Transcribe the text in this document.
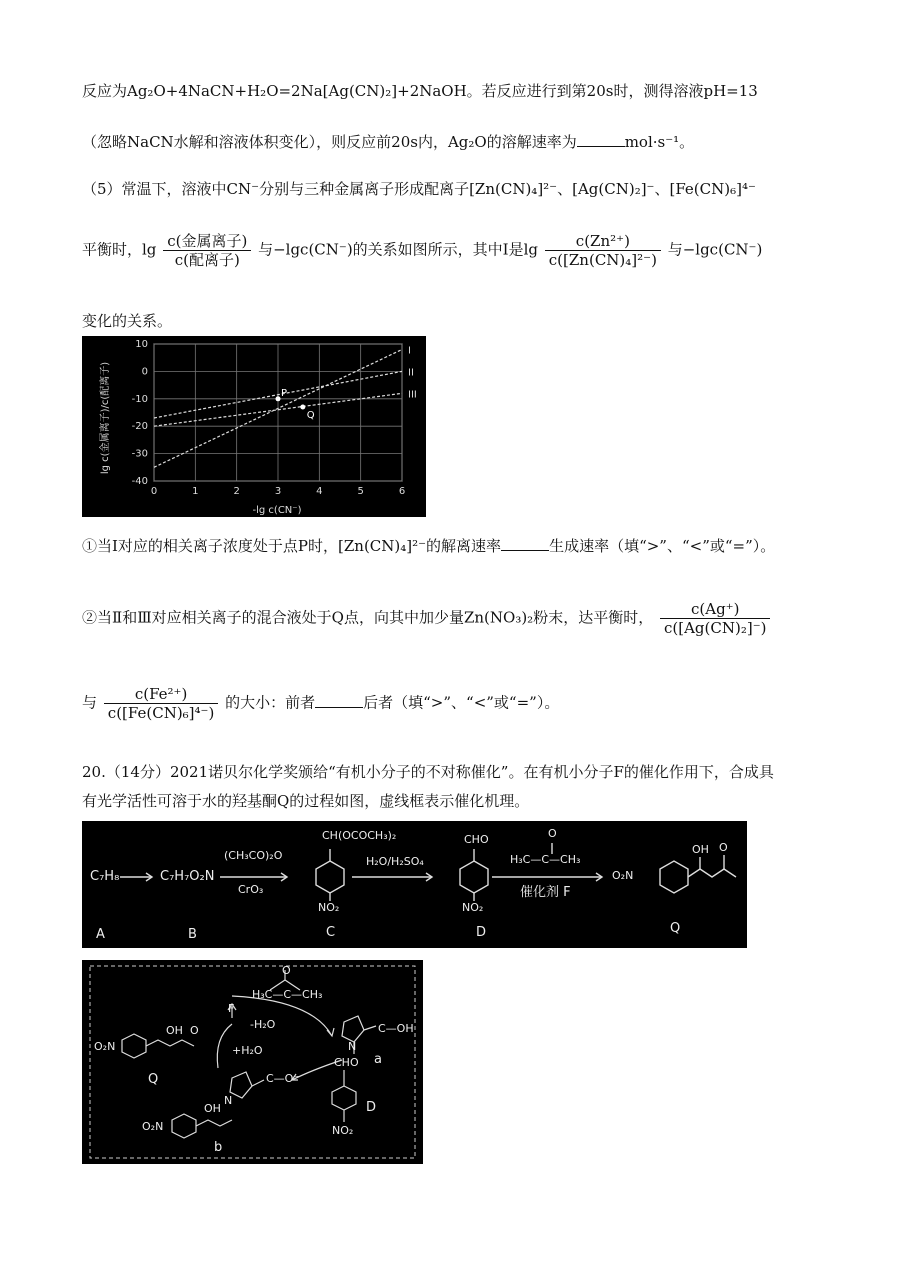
反应为Ag₂O+4NaCN+H₂O=2Na[Ag(CN)₂]+2NaOH。若反应进行到第20s时，测得溶液pH=13
（忽略NaCN水解和溶液体积变化），则反应前20s内，Ag₂O的溶解速率为	mol·s⁻¹。
（5）常温下，溶液中CN⁻分别与三种金属离子形成配离子[Zn(CN)₄]²⁻、[Ag(CN)₂]⁻、[Fe(CN)₆]⁴⁻
平衡时，$\lg \frac{\text{c(金属离子)}}{\text{c(配离子)}}$ 与−lgc(CN⁻)的关系如图所示，其中Ⅰ是$\lg \frac{\text{c(Zn²⁺)}}{\text{c([Zn(CN)₄]²⁻)}}$ 与−lgc(CN⁻)
变化的关系。
I
II
III
P
Q
0	1	2	3	4	5	6
10
0
-10
-20
-30
-40
-lg c(CN⁻)
lg c(金属离子)/c(配离子)
①当Ⅰ对应的相关离子浓度处于点P时，[Zn(CN)₄]²⁻的解离速率	生成速率（填“>”、“<”或“=”）。
②当Ⅱ和Ⅲ对应相关离子的混合液处于Q点，向其中加少量Zn(NO₃)₂粉末，达平衡时， $\frac{c(Ag^+)}{\text{c([Ag(CN)₂]⁻)}}$
与 $\frac{\text{c(Fe²⁺)}}{\text{c([Fe(CN)₆]⁴⁻)}}$ 的大小：前者	后者（填“>”、“<”或“=”）。
20.（14分）2021诺贝尔化学奖颁给“有机小分子的不对称催化”。在有机小分子F的催化作用下，合成具
有光学活性可溶于水的羟基酮Q的过程如图，虚线框表示催化机理。
C₇H₈	C₇H₇O₂N
(CH₃CO)₂O
CrO₃
CH(OCOCH₃)₂
NO₂
H₂O/H₂SO₄
CHO
NO₂
O
H₃C—C—CH₃
催化剂 F
O₂N
OH O
A	B	C	D	Q
F
O
H₃C—C—CH₃
-H₂O	C—OH
N
a
O₂N
OH O
+H₂O
Q	C—O⁻
N
OH
O₂N
b
CHO
D
NO₂
